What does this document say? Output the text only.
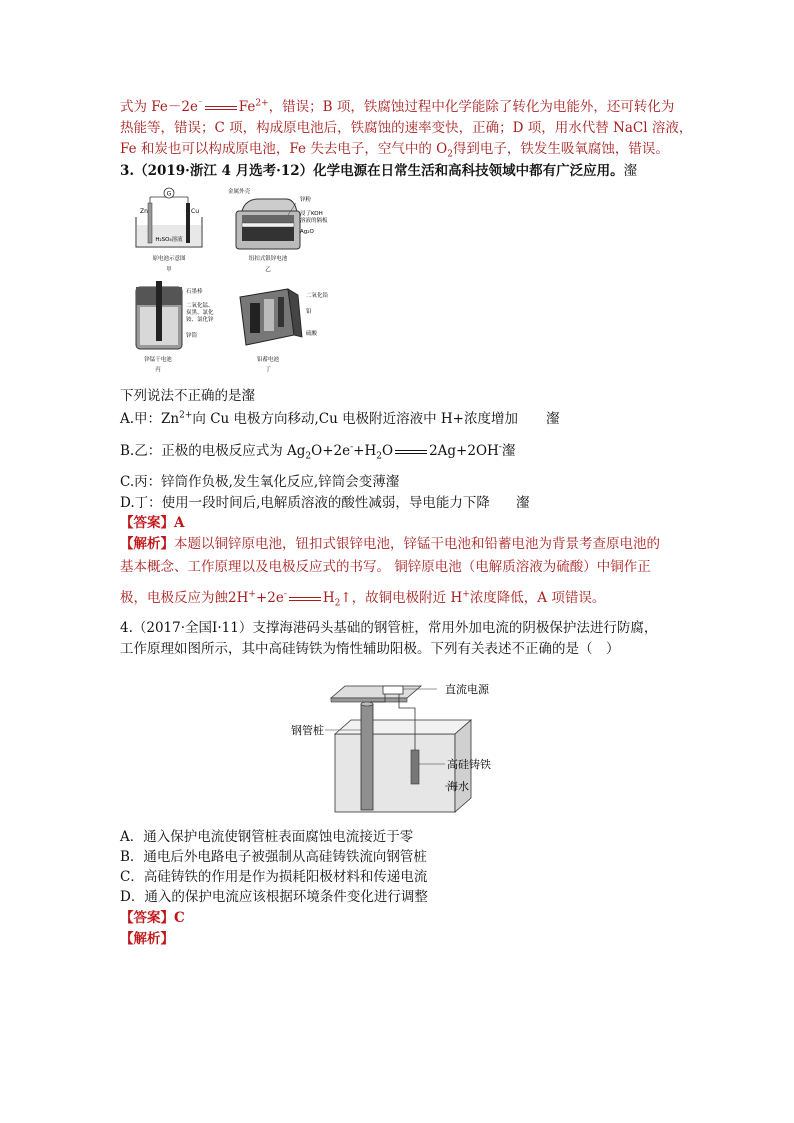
式为 Fe－2e⁻	$Fe^{2+}$，错误；B 项，铁腐蚀过程中化学能除了转化为电能外，还可转化为
热能等，错误；C 项，构成原电池后，铁腐蚀的速率变快，正确；D 项，用水代替 NaCl 溶液，
Fe 和炭也可以构成原电池，Fe 失去电子，空气中的 $O_2$得到电子，铁发生吸氧腐蚀，错误。
3.（2019·浙江 4 月选考·12）化学电源在日常生活和高科技领域中都有广泛应用。瀣
G
Zn	Cu
H₂SO₄溶液
原电池示意图
甲
金属外壳
锌粉
浸了KOH
溶液的隔板
Ag₂O
纽扣式银锌电池
乙
石墨棒
二氧化锰、
炭黑、氯化
铵、氯化锌
锌筒
锌锰干电池
丙
二氧化铅
铅
硫酸
铅蓄电池
丁
下列说法不正确的是瀣
A.甲：$Zn^{2+}$向 Cu 电极方向移动,Cu 电极附近溶液中 H+浓度增加 瀣
B.乙：正极的电极反应式为 $Ag_2O+2e^-+H_2O$	2Ag+2OH-瀣
C.丙：锌筒作负极,发生氧化反应,锌筒会变薄瀣
D.丁：使用一段时间后,电解质溶液的酸性减弱，导电能力下降 瀣
【答案】A
【解析】本题以铜锌原电池，钮扣式银锌电池，锌锰干电池和铅蓄电池为背景考查原电池的
基本概念、工作原理以及电极反应式的书写。 铜锌原电池（电解质溶液为硫酸）中铜作正
极，电极反应为蝕2H++2e-	$H_2↑$，故铜电极附近 H+浓度降低，A 项错误。
4.（2017·全国Ⅰ·11）支撑海港码头基础的钢管桩，常用外加电流的阴极保护法进行防腐，
工作原理如图所示，其中高硅铸铁为惰性辅助阳极。下列有关表述不正确的是（　）
直流电源
钢管桩
高硅铸铁
海水
A．通入保护电流使钢管桩表面腐蚀电流接近于零
B．通电后外电路电子被强制从高硅铸铁流向钢管桩
C．高硅铸铁的作用是作为损耗阳极材料和传递电流
D．通入的保护电流应该根据环境条件变化进行调整
【答案】C
【解析】
